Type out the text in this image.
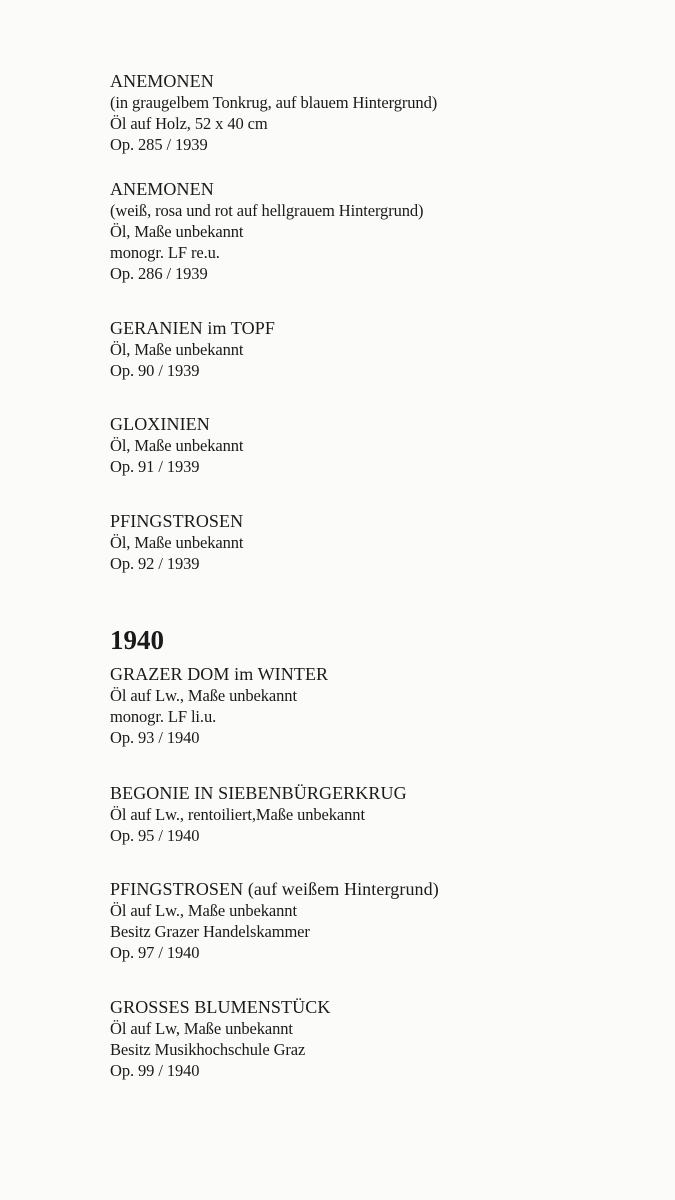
ANEMONEN
(in graugelbem Tonkrug, auf blauem Hintergrund)
Öl auf Holz, 52 x 40 cm
Op. 285 / 1939
ANEMONEN
(weiß, rosa und rot auf hellgrauem Hintergrund)
Öl, Maße unbekannt
monogr. LF re.u.
Op. 286 / 1939
GERANIEN im TOPF
Öl, Maße unbekannt
Op. 90 / 1939
GLOXINIEN
Öl, Maße unbekannt
Op. 91 / 1939
PFINGSTROSEN
Öl, Maße unbekannt
Op. 92 / 1939
1940
GRAZER DOM im WINTER
Öl auf Lw., Maße unbekannt
monogr. LF li.u.
Op. 93 / 1940
BEGONIE IN SIEBENBÜRGERKRUG
Öl auf Lw., rentoiliert,Maße unbekannt
Op. 95 / 1940
PFINGSTROSEN (auf weißem Hintergrund)
Öl auf Lw., Maße unbekannt
Besitz Grazer Handelskammer
Op. 97 / 1940
GROSSES BLUMENSTÜCK
Öl auf Lw, Maße unbekannt
Besitz Musikhochschule Graz
Op. 99 / 1940
